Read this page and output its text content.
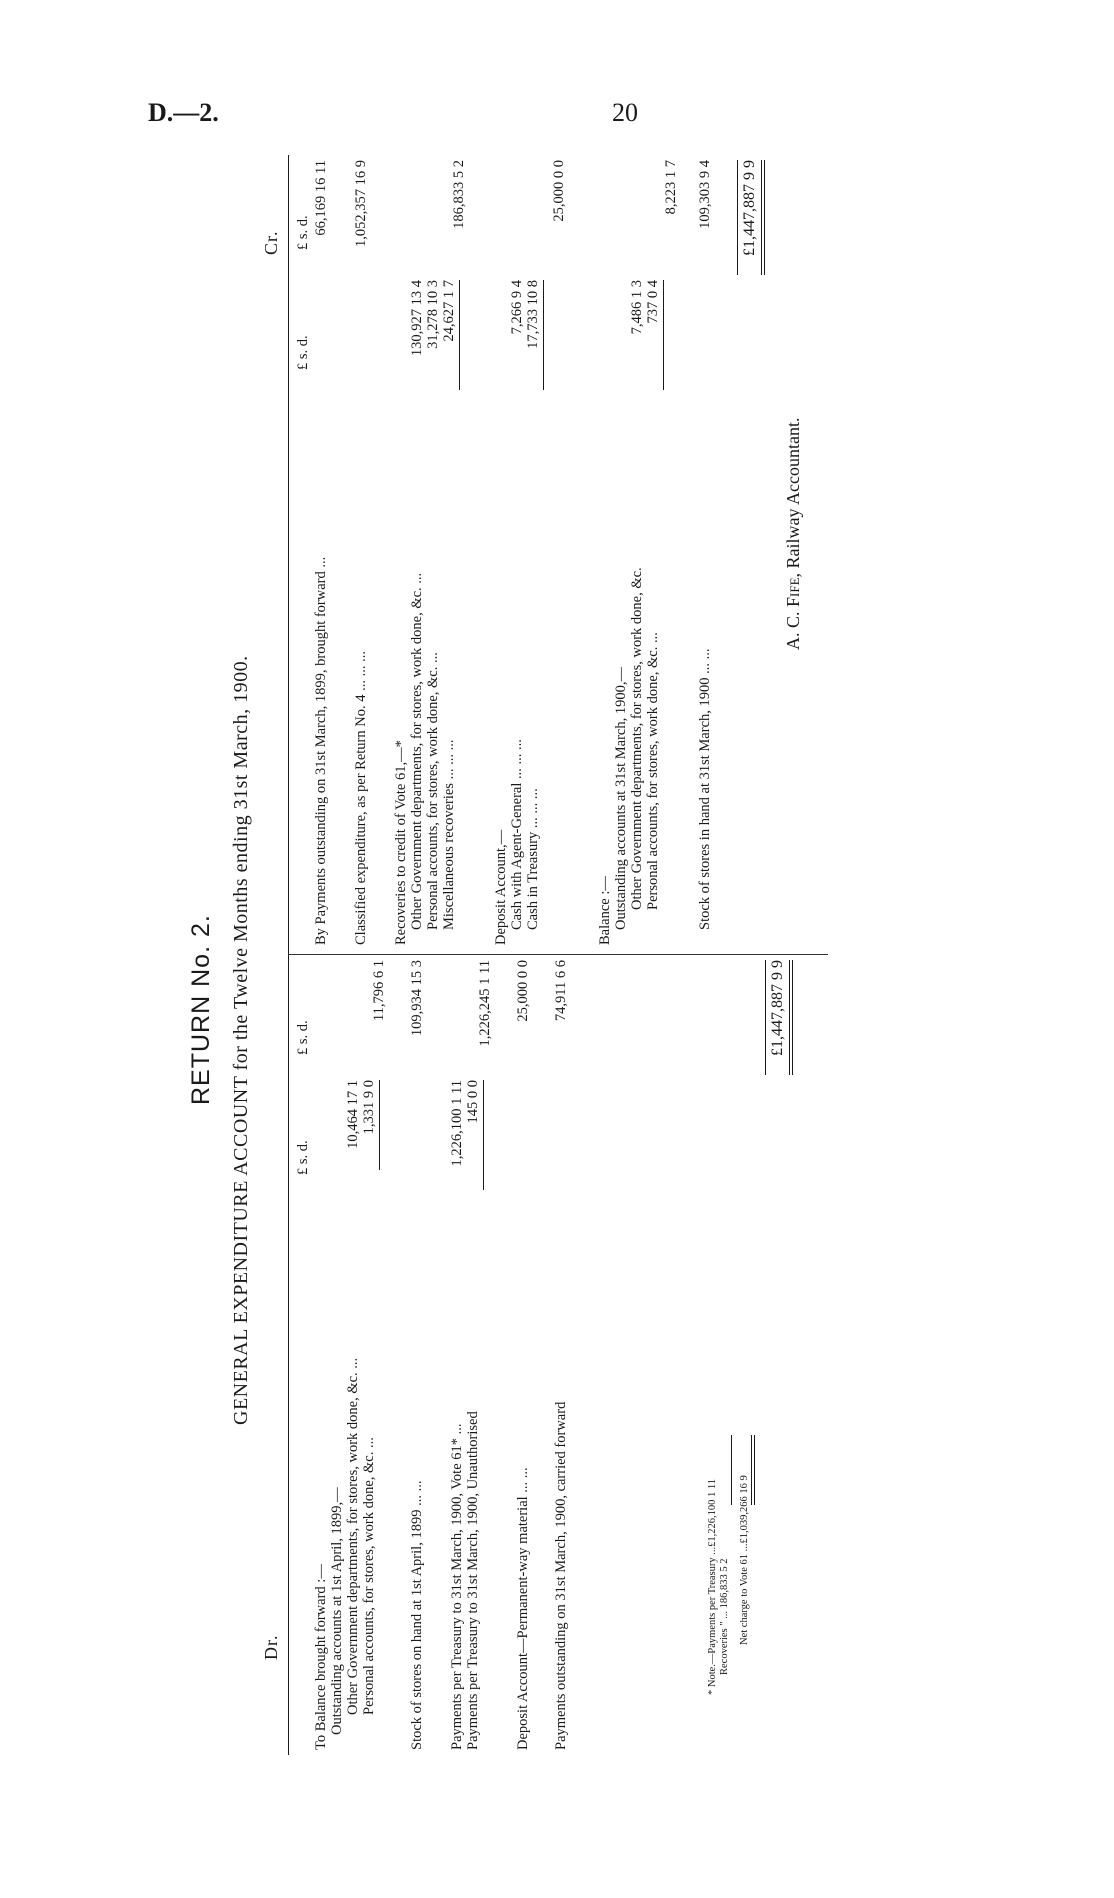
D.—2.	20
RETURN No. 2. GENERAL EXPENDITURE ACCOUNT for the Twelve Months ending 31st March, 1900.
Dr.
Cr.
£ s. d.
£ s. d.
£ s. d.
£ s. d.
To Balance brought forward :— Outstanding accounts at 1st April, 1899,— Other Government departments, for stores, work done, &c. ...
10,464 17 1
Personal accounts, for stores, work done, &c. ...
1,331 9 0
11,796 6 1
Stock of stores on hand at 1st April, 1899 ... ...
109,934 15 3
Payments per Treasury to 31st March, 1900, Vote 61* ...
1,226,100 1 11
Payments per Treasury to 31st March, 1900, Unauthorised
145 0 0
1,226,245 1 11
Deposit Account—Permanent-way material ... ...
25,000 0 0
Payments outstanding on 31st March, 1900, carried forward
74,911 6 6
* Note.—Payments per Treasury ...£1,226,100 1 11 Recoveries " ... 186,833 5 2 Net charge to Vote 61 ...£1,039,266 16 9
£1,447,887 9 9
By Payments outstanding on 31st March, 1899, brought forward ...
66,169 16 11
Classified expenditure, as per Return No. 4 ... ... ...
1,052,357 16 9
Recoveries to credit of Vote 61,—* Other Government departments, for stores, work done, &c. ...
130,927 13 4
Personal accounts, for stores, work done, &c. ...
31,278 10 3
Miscellaneous recoveries ... ... ...
24,627 1 7
186,833 5 2
Deposit Account,— Cash with Agent-General ... ... ...
7,266 9 4
Cash in Treasury ... ... ...
17,733 10 8
25,000 0 0
Balance :— Outstanding accounts at 31st March, 1900,— Other Government departments, for stores, work done, &c.
7,486 1 3
Personal accounts, for stores, work done, &c. ...
737 0 4
8,223 1 7
Stock of stores in hand at 31st March, 1900 ... ...
109,303 9 4 £1,447,887 9 9
A. C. Fife, Railway Accountant.
